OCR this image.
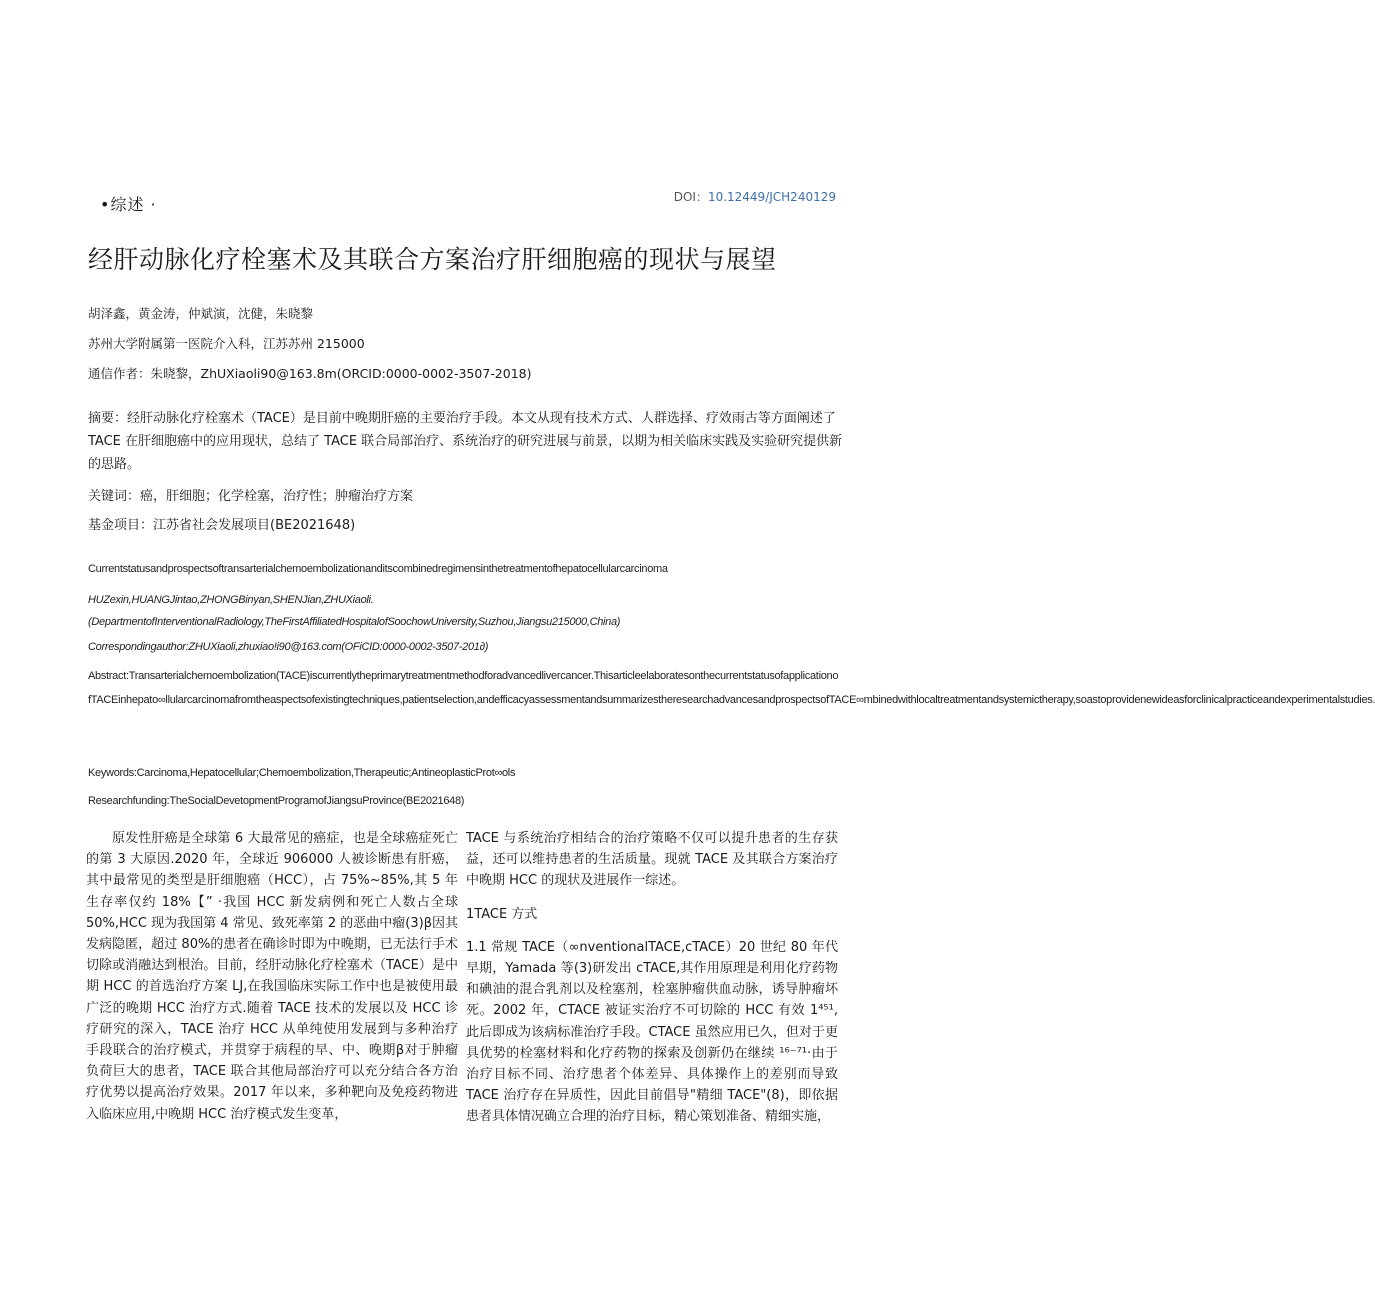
•综述 ·	DOI：10.12449/JCH240129
经肝动脉化疗栓塞术及其联合方案治疗肝细胞癌的现状与展望
胡泽鑫，黄金涛，仲斌演，沈健，朱晓黎
苏州大学附属第一医院介入科，江苏苏州 215000
通信作者：朱晓黎，ZhUXiaoli90@163.8m(ORCID:0000-0002-3507-2018)

摘要：经肝动脉化疗栓塞术（TACE）是目前中晚期肝癌的主要治疗手段。本文从现有技术方式、人群选择、疗效雨古等方面阐述了 TACE 在肝细胞癌中的应用现状，总结了 TACE 联合局部治疗、系统治疗的研究进展与前景，以期为相关临床实践及实验研究提供新的思路。

关键词：癌，肝细胞；化学栓塞，治疗性；肿瘤治疗方案
基金项目：江苏省社会发展项目(BE2021648)

Currentstatusandprospectsoftransarterialchemoembolizationanditscombinedregimensinthetreatmentofhepatocellularcarcinoma

HUZexin,HUANGJintao,ZHONGBinyan,SHENJian,ZHUXiaoli.(DepartmentofInterventionalRadiology,TheFirstAffiliatedHospitalofSoochowUniversity,Suzhou,Jiangsu215000,China)

Correspondingauthor:ZHUXiaoli,zhuxiao!i90@163.com(OFiCID:0000-0002-3507-201∂)

Abstract:Transarterialchemoembolization(TACE)iscurrentlytheprimarytreatmentmethodforadvancedlivercancer.Thisarticleelaboratesonthecurrentstatusofapplicationo fTACEinhepato∞llularcarcinomafromtheaspectsofexistingtechniques,patientselection,andefficacyassessmentandsummarizestheresearchadvancesandprospectsofTACE∞mbinedwithlocaltreatmentandsystemictherapy,soastoprovidenewideasforclinicalpracticeandexperimentalstudies.

Keywords:Carcinoma,Hepatocellular;Chemoembolization,Therapeutic;AntineoplasticProt∞ols

Researchfunding:TheSocialDevetopmentProgramofJiangsuProvince(BE2021648)

原发性肝癌是全球第 6 大最常见的癌症，也是全球癌症死亡的第 3 大原因.2020 年，全球近 906000 人被诊断患有肝癌，其中最常见的类型是肝细胞癌（HCC），占 75%~85%,其 5 年生存率仅约 18%【” ·我国 HCC 新发病例和死亡人数占全球 50%,HCC 现为我国第 4 常见、致死率第 2 的恶曲中瘤(3)β因其发病隐匿，超过 80%的患者在确诊时即为中晚期，已无法行手术切除或消融达到根治。目前，经肝动脉化疗栓塞术（TACE）是中期 HCC 的首选治疗方案 LJ,在我国临床实际工作中也是被使用最广泛的晚期 HCC 治疗方式.随着 TACE 技术的发展以及 HCC 诊疗研究的深入，TACE 治疗 HCC 从单纯使用发展到与多种治疗手段联合的治疗模式，并贯穿于病程的早、中、晚期β对于肿瘤负荷巨大的患者，TACE 联合其他局部治疗可以充分结合各方治疗优势以提高治疗效果。2017 年以来，多种靶向及免疫药物进入临床应用,中晚期 HCC 治疗模式发生变革，

TACE 与系统治疗相结合的治疗策略不仅可以提升患者的生存获益，还可以维持患者的生活质量。现就 TACE 及其联合方案治疗中晚期 HCC 的现状及进展作一综述。

1TACE 方式

1.1 常规 TACE（∞nventionalTACE,cTACE）20 世纪 80 年代早期，Yamada 等(3)研发出 cTACE,其作用原理是利用化疗药物和碘油的混合乳剂以及栓塞剂，栓塞肿瘤供血动脉，诱导肿瘤坏死。2002 年，CTACE 被证实治疗不可切除的 HCC 有效 1⁴⁵¹,此后即成为该病标准治疗手段。CTACE 虽然应用已久，但对于更具优势的栓塞材料和化疗药物的探索及创新仍在继续 ¹⁶⁻⁷¹·由于治疗目标不同、治疗患者个体差异、具体操作上的差别而导致 TACE 治疗存在异质性，因此目前倡导"精细 TACE"(8)，即依据患者具体情况确立合理的治疗目标，精心策划准备、精细实施，
